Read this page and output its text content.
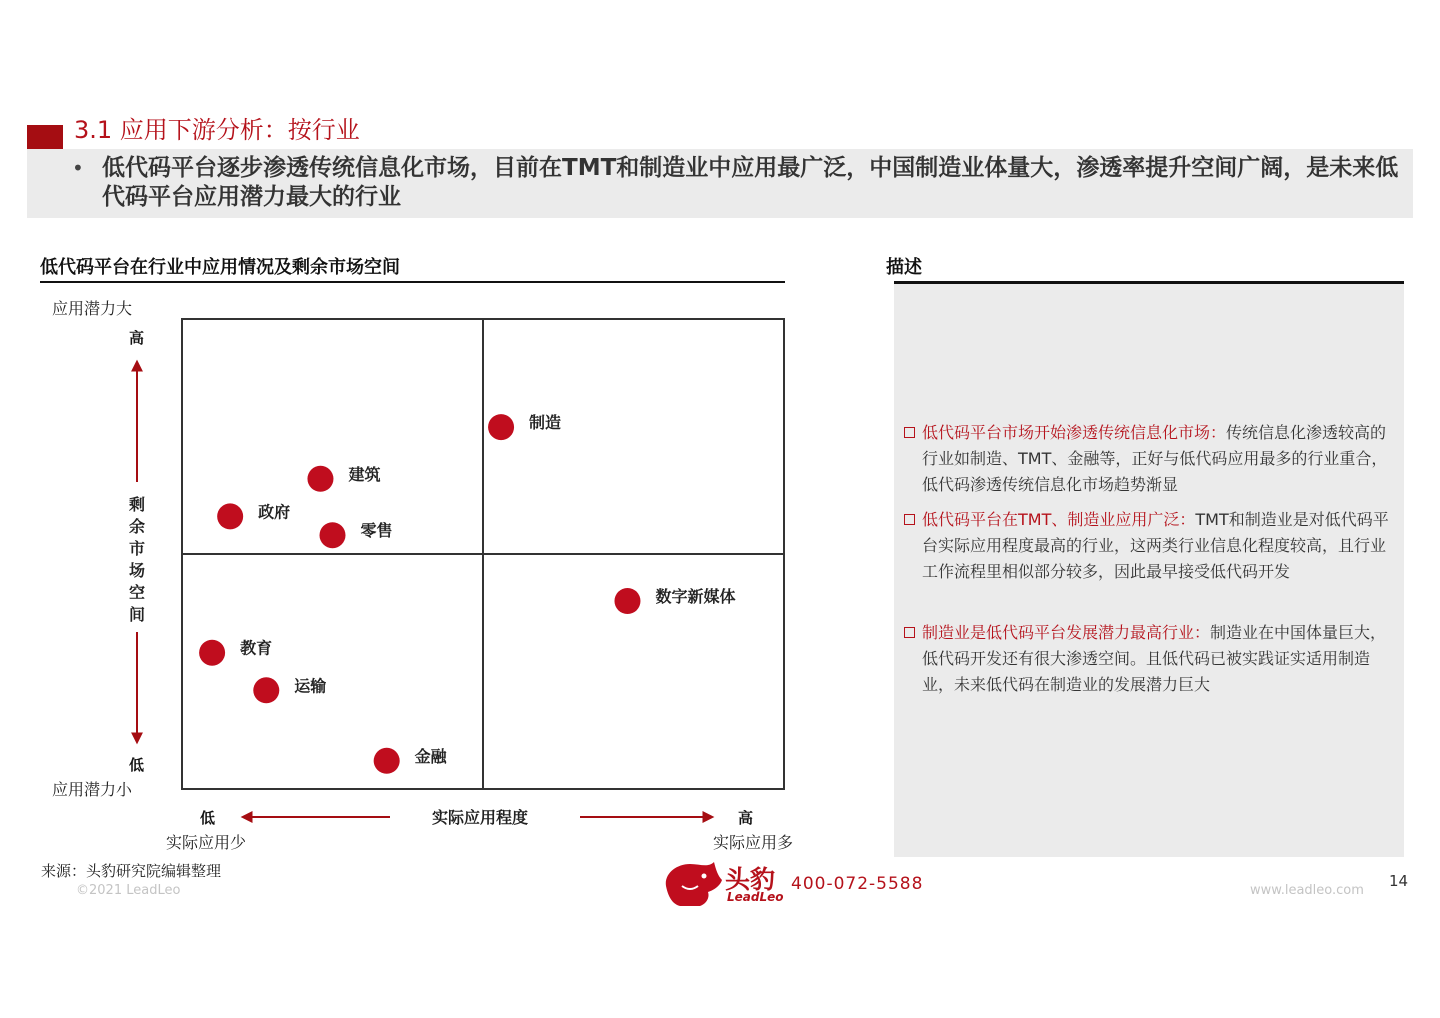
3.1 应用下游分析：按行业
• 低代码平台逐步渗透传统信息化市场，目前在TMT和制造业中应用最广泛，中国制造业体量大，渗透率提升空间广阔，是未来低代码平台应用潜力最大的行业
低代码平台在行业中应用情况及剩余市场空间
应用潜力大
高
低
应用潜力小
剩
余
市
场
空
间
低	实际应用程度	高
实际应用少	实际应用多
制造
建筑
政府
零售
数字新媒体
教育
运输
金融
描述
低代码平台市场开始渗透传统信息化市场：传统信息化渗透较高的行业如制造、TMT、金融等，正好与低代码应用最多的行业重合，低代码渗透传统信息化市场趋势渐显
低代码平台在TMT、制造业应用广泛：TMT和制造业是对低代码平台实际应用程度最高的行业，这两类行业信息化程度较高，且行业工作流程里相似部分较多，因此最早接受低代码开发
制造业是低代码平台发展潜力最高行业：制造业在中国体量巨大，低代码开发还有很大渗透空间。且低代码已被实践证实适用制造业，未来低代码在制造业的发展潜力巨大
来源：头豹研究院编辑整理
©2021 LeadLeo	头豹
LeadLeo
400-072-5588	www.leadleo.com
14
